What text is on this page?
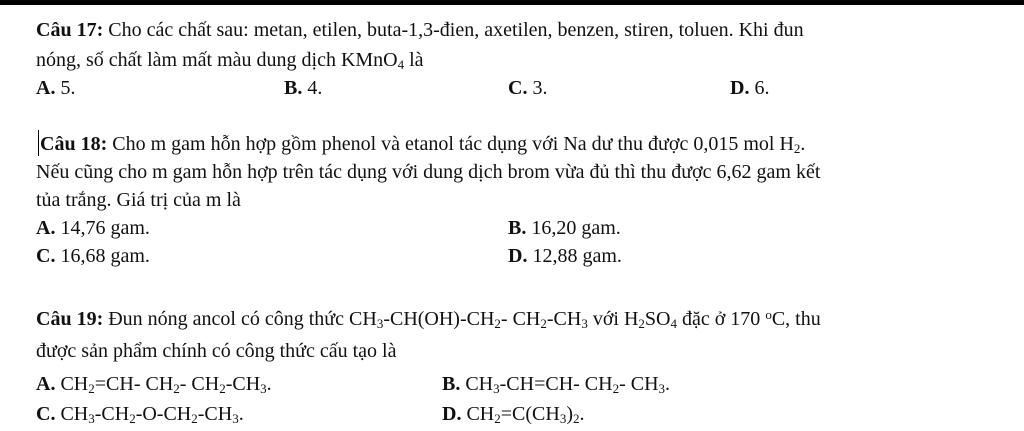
Câu 17: Cho các chất sau: metan, etilen, buta-1,3-đien, axetilen, benzen, stiren, toluen. Khi đun
nóng, số chất làm mất màu dung dịch KMnO$_4$ là
A. 5.	B. 4.	C. 3.	D. 6.
Câu 18: Cho m gam hỗn hợp gồm phenol và etanol tác dụng với Na dư thu được 0,015 mol $H_2$.
Nếu cũng cho m gam hỗn hợp trên tác dụng với dung dịch brom vừa đủ thì thu được 6,62 gam kết
tủa trắng. Giá trị của m là
A. 14,76 gam.	B. 16,20 gam.
C. 16,68 gam.	D. 12,88 gam.
Câu 19: Đun nóng ancol có công thức $CH_3-CH(OH)-CH_2-$ $CH_2-CH_3$ với $H_2SO_4$ đặc ở 170 $^o$C, thu
được sản phẩm chính có công thức cấu tạo là
A. $CH_2=CH-$ $CH_2-$ $CH_2-CH_3$.	B. $CH_3-CH=CH-$ $CH_2-$ $CH_3$.
C. $CH_3-CH_2-O-CH_2-CH_3$.	D. $CH_2=C(CH_3)_2$.
